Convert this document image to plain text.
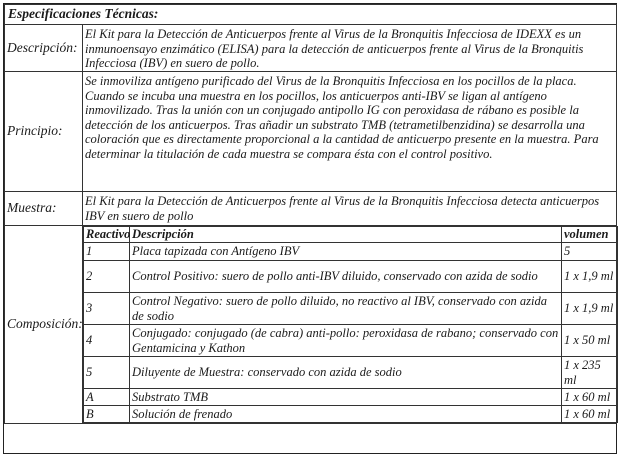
Especificaciones Técnicas:
Descripción:	El Kit para la Detección de Anticuerpos frente al Virus de la Bronquitis Infecciosa de IDEXX es un inmunoensayo enzimático (ELISA) para la detección de anticuerpos frente al Virus de la Bronquitis Infecciosa (IBV) en suero de pollo.
Principio:	Se inmoviliza antígeno purificado del Virus de la Bronquitis Infecciosa en los pocillos de la placa. Cuando se incuba una muestra en los pocillos, los anticuerpos anti-IBV se ligan al antígeno inmovilizado. Tras la unión con un conjugado antipollo IG con peroxidasa de rábano es posible la detección de los anticuerpos. Tras añadir un substrato TMB (tetrametilbenzidina) se desarrolla una coloración que es directamente proporcional a la cantidad de anticuerpo presente en la muestra. Para determinar la titulación de cada muestra se compara ésta con el control positivo.
Muestra:	El Kit para la Detección de Anticuerpos frente al Virus de la Bronquitis Infecciosa detecta anticuerpos IBV en suero de pollo
Composición:	
Reactivo	Descripción	volumen
1	Placa tapizada con Antígeno IBV	5
2	Control Positivo: suero de pollo anti-IBV diluido, conservado con azida de sodio	1 x 1,9 ml
3	Control Negativo: suero de pollo diluido, no reactivo al IBV, conservado con azida de sodio	1 x 1,9 ml
4	Conjugado: conjugado (de cabra) anti-pollo: peroxidasa de rabano; conservado con Gentamicina y Kathon	1 x 50 ml
5	Diluyente de Muestra: conservado con azida de sodio	1 x 235 ml
A	Substrato TMB	1 x 60 ml
B	Solución de frenado	1 x 60 ml
